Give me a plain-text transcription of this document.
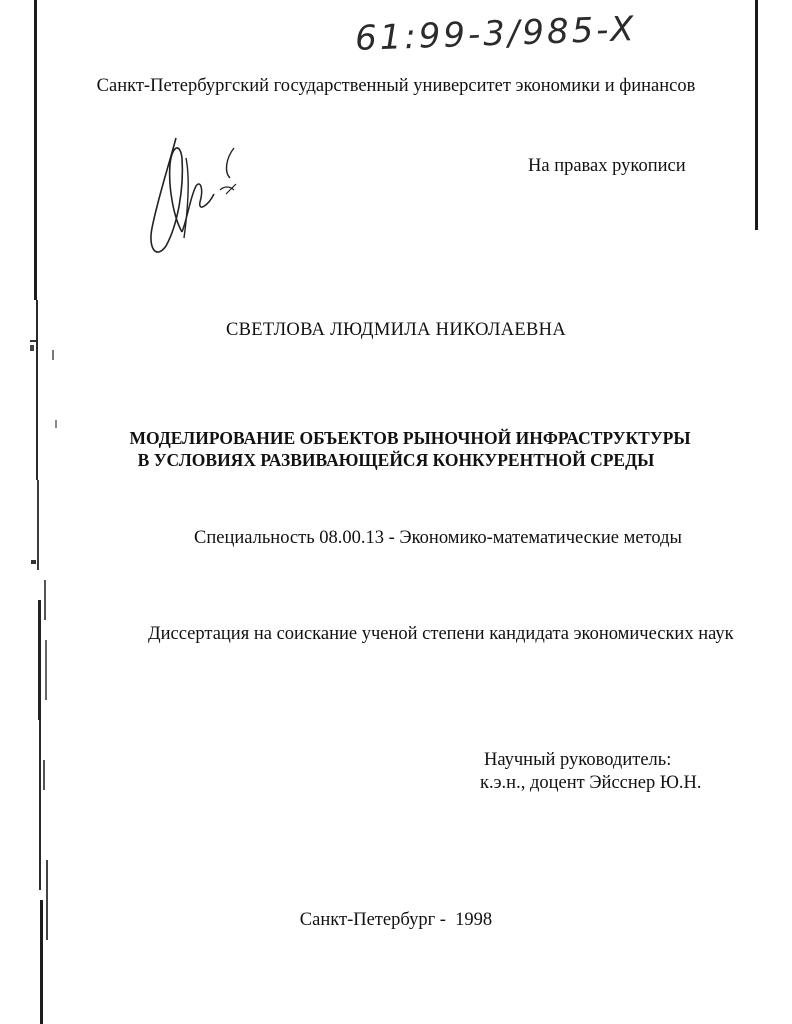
61:99-3/985-X

Санкт-Петербургский государственный университет экономики и финансов

На правах рукописи

СВЕТЛОВА ЛЮДМИЛА НИКОЛАЕВНА

МОДЕЛИРОВАНИЕ ОБЪЕКТОВ РЫНОЧНОЙ ИНФРАСТРУКТУРЫ

В УСЛОВИЯХ РАЗВИВАЮЩЕЙСЯ КОНКУРЕНТНОЙ СРЕДЫ

Специальность 08.00.13 - Экономико-математические методы

Диссертация на соискание ученой степени кандидата экономических наук

Научный руководитель:

к.э.н., доцент Эйсснер Ю.Н.

Санкт-Петербург -  1998
